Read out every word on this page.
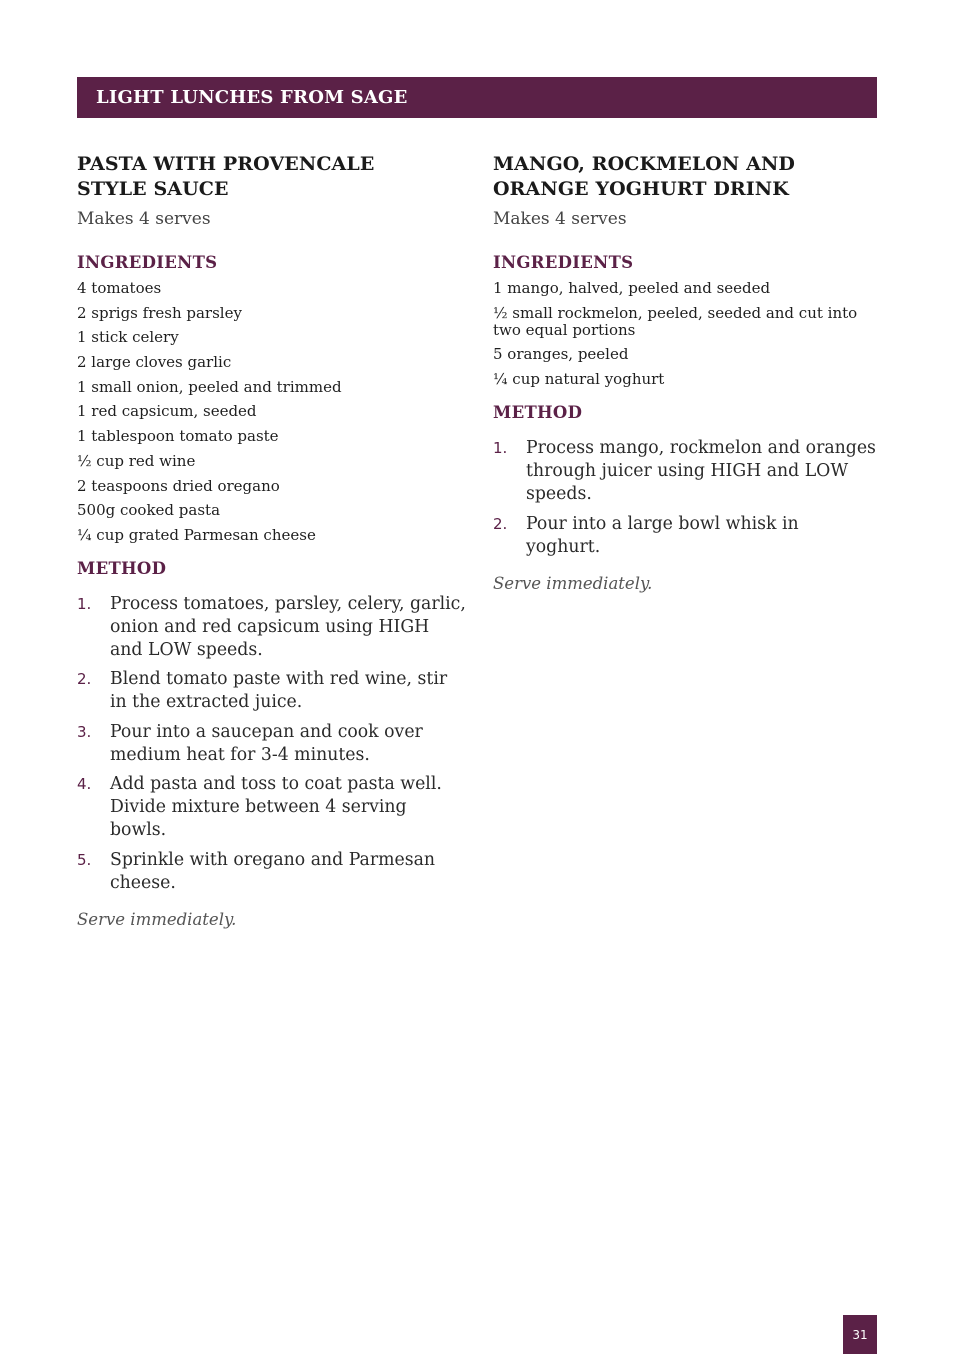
LIGHT LUNCHES FROM SAGE
PASTA WITH PROVENCALE
STYLE SAUCE
Makes 4 serves
INGREDIENTS
4 tomatoes
2 sprigs fresh parsley
1 stick celery
2 large cloves garlic
1 small onion, peeled and trimmed
1 red capsicum, seeded
1 tablespoon tomato paste
½ cup red wine
2 teaspoons dried oregano
500g cooked pasta
¼ cup grated Parmesan cheese
METHOD
1. Process tomatoes, parsley, celery, garlic, onion and red capsicum using HIGH and LOW speeds.
2. Blend tomato paste with red wine, stir in the extracted juice.
3. Pour into a saucepan and cook over medium heat for 3-4 minutes.
4. Add pasta and toss to coat pasta well. Divide mixture between 4 serving bowls.
5. Sprinkle with oregano and Parmesan cheese.
Serve immediately.
MANGO, ROCKMELON AND
ORANGE YOGHURT DRINK
Makes 4 serves
INGREDIENTS
1 mango, halved, peeled and seeded
½ small rockmelon, peeled, seeded and cut into two equal portions
5 oranges, peeled
¼ cup natural yoghurt
METHOD
1. Process mango, rockmelon and oranges through juicer using HIGH and LOW speeds.
2. Pour into a large bowl whisk in yoghurt.
Serve immediately.
31
